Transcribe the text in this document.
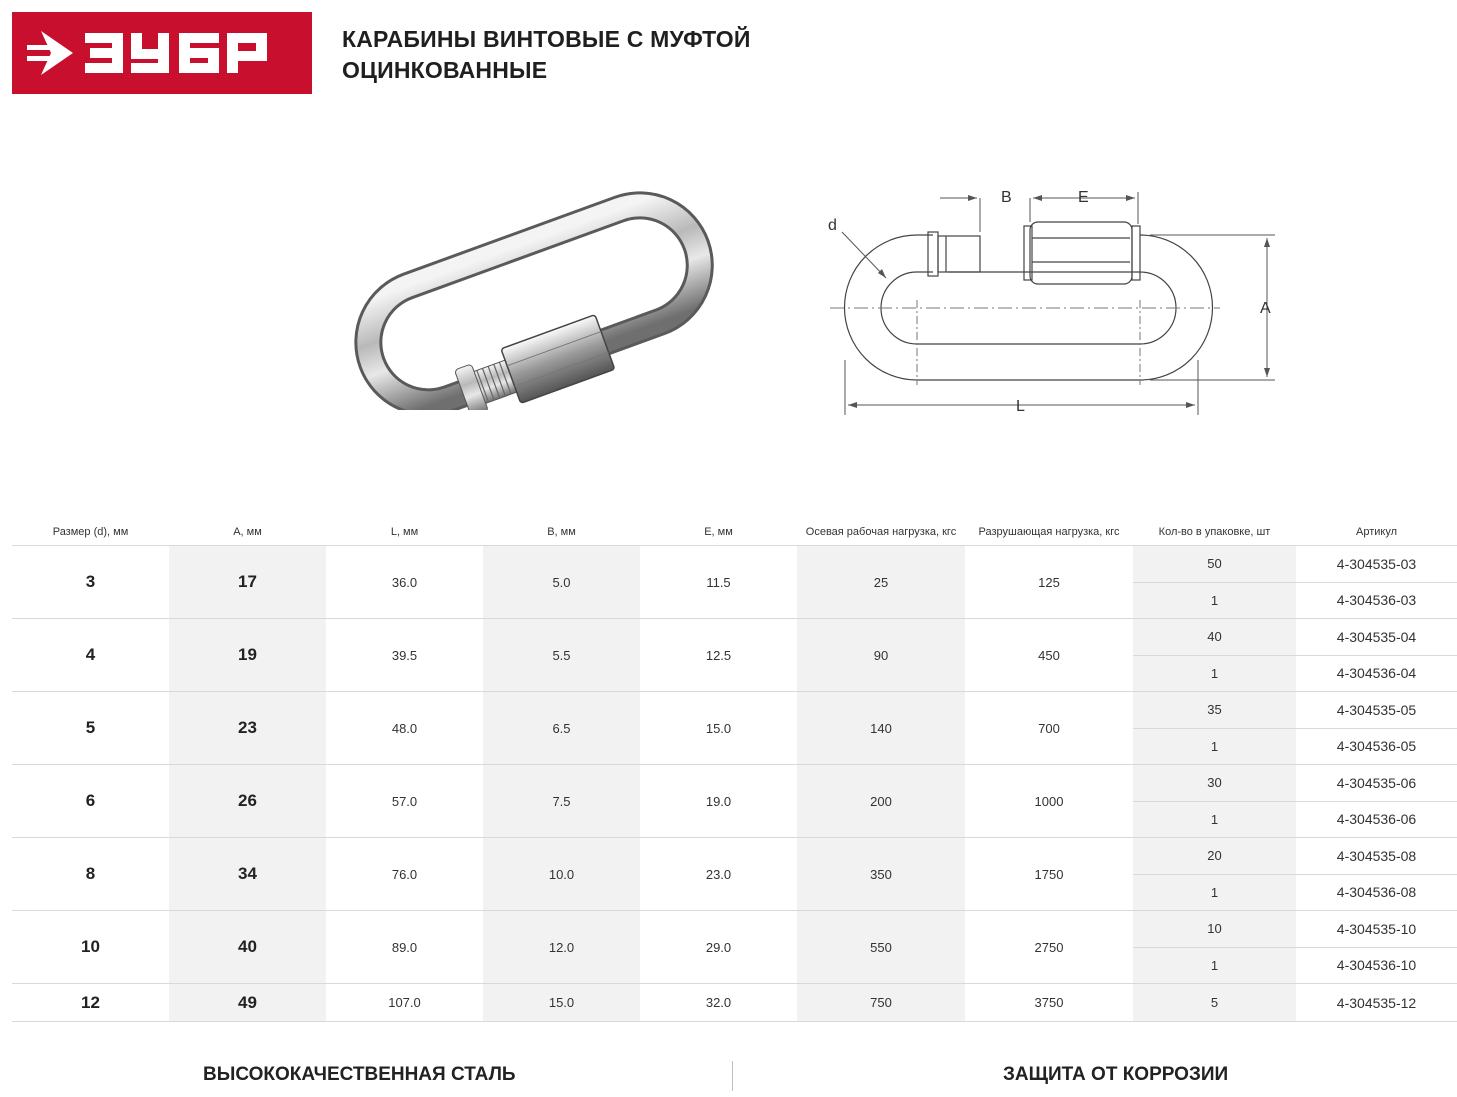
КАРАБИНЫ ВИНТОВЫЕ С МУФТОЙ
ОЦИНКОВАННЫЕ
B	E
d
A
L
Размер (d), мм	A, мм	L, мм	B, мм	E, мм	Осевая рабочая нагрузка, кгс	Разрушающая нагрузка, кгс	Кол-во в упаковке, шт	Артикул
3	17	36.0	5.0	11.5	25	125	50	4-304535-03
							1	4-304536-03
4	19	39.5	5.5	12.5	90	450	40	4-304535-04
							1	4-304536-04
5	23	48.0	6.5	15.0	140	700	35	4-304535-05
							1	4-304536-05
6	26	57.0	7.5	19.0	200	1000	30	4-304535-06
							1	4-304536-06
8	34	76.0	10.0	23.0	350	1750	20	4-304535-08
							1	4-304536-08
10	40	89.0	12.0	29.0	550	2750	10	4-304535-10
							1	4-304536-10
12	49	107.0	15.0	32.0	750	3750	5	4-304535-12
ВЫСОКОКАЧЕСТВЕННАЯ СТАЛЬ	ЗАЩИТА ОТ КОРРОЗИИ
